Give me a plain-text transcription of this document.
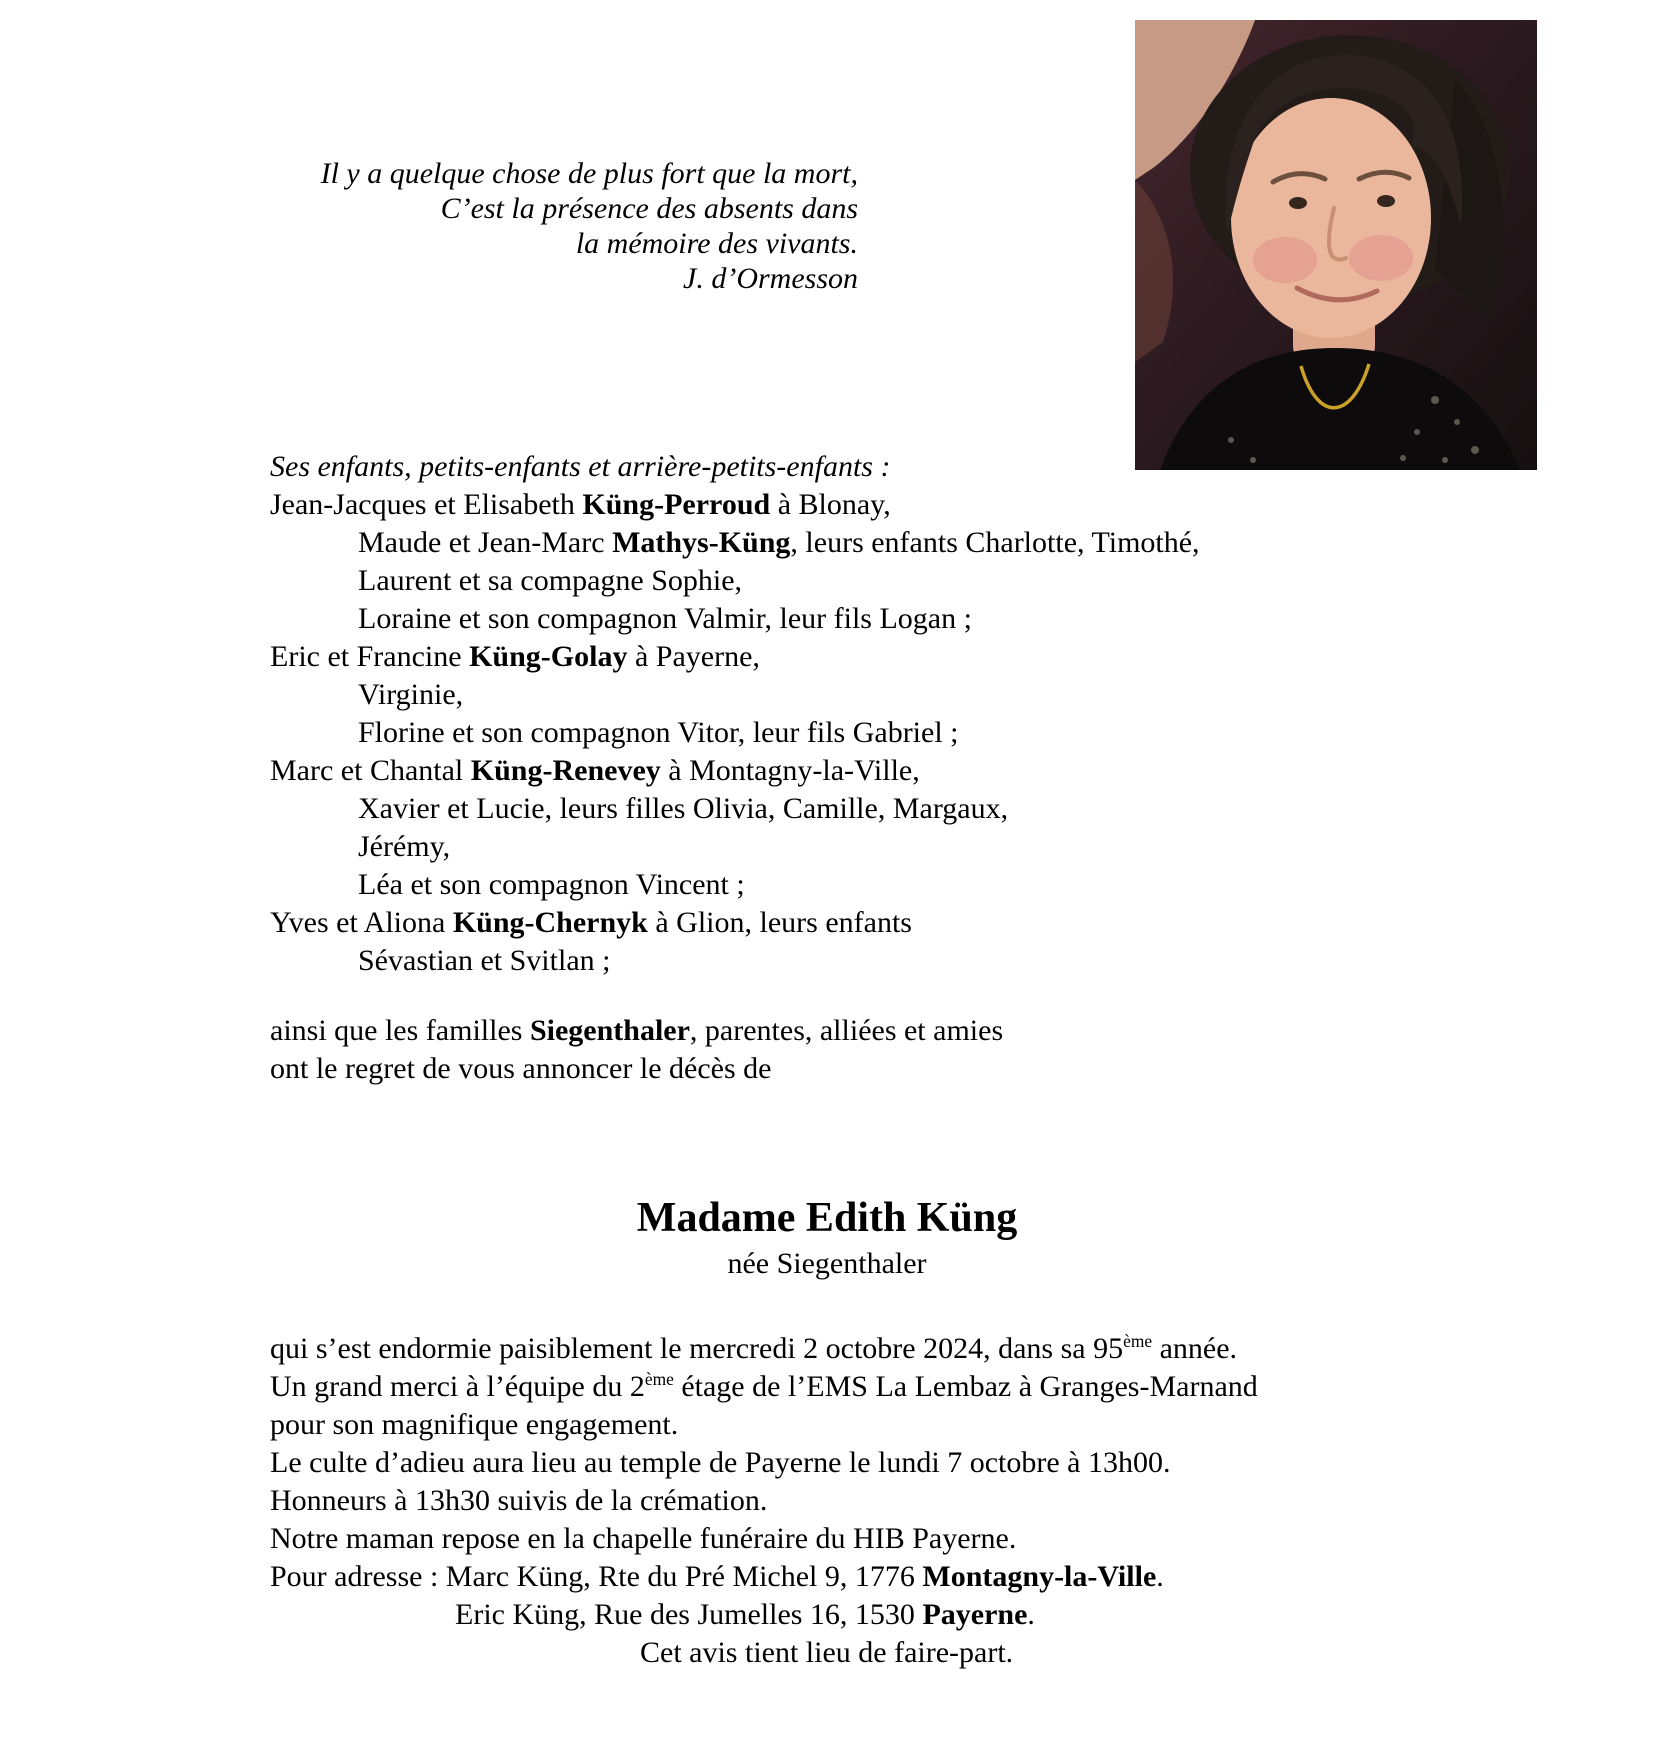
Il y a quelque chose de plus fort que la mort,
C’est la présence des absents dans
la mémoire des vivants.
J. d’Ormesson
Ses enfants, petits-enfants et arrière-petits-enfants :
Jean-Jacques et Elisabeth Küng-Perroud à Blonay,
Maude et Jean-Marc Mathys-Küng, leurs enfants Charlotte, Timothé,
Laurent et sa compagne Sophie,
Loraine et son compagnon Valmir, leur fils Logan ;
Eric et Francine Küng-Golay à Payerne,
Virginie,
Florine et son compagnon Vitor, leur fils Gabriel ;
Marc et Chantal Küng-Renevey à Montagny-la-Ville,
Xavier et Lucie, leurs filles Olivia, Camille, Margaux,
Jérémy,
Léa et son compagnon Vincent ;
Yves et Aliona Küng-Chernyk à Glion, leurs enfants
Sévastian et Svitlan ;
ainsi que les familles Siegenthaler, parentes, alliées et amies
ont le regret de vous annoncer le décès de
Madame Edith Küng
née Siegenthaler
qui s’est endormie paisiblement le mercredi 2 octobre 2024, dans sa 95ème année.
Un grand merci à l’équipe du 2ème étage de l’EMS La Lembaz à Granges-Marnand
pour son magnifique engagement.
Le culte d’adieu aura lieu au temple de Payerne le lundi 7 octobre à 13h00.
Honneurs à 13h30 suivis de la crémation.
Notre maman repose en la chapelle funéraire du HIB Payerne.
Pour adresse : Marc Küng, Rte du Pré Michel 9, 1776 Montagny-la-Ville.
Eric Küng, Rue des Jumelles 16, 1530 Payerne.
Cet avis tient lieu de faire-part.
